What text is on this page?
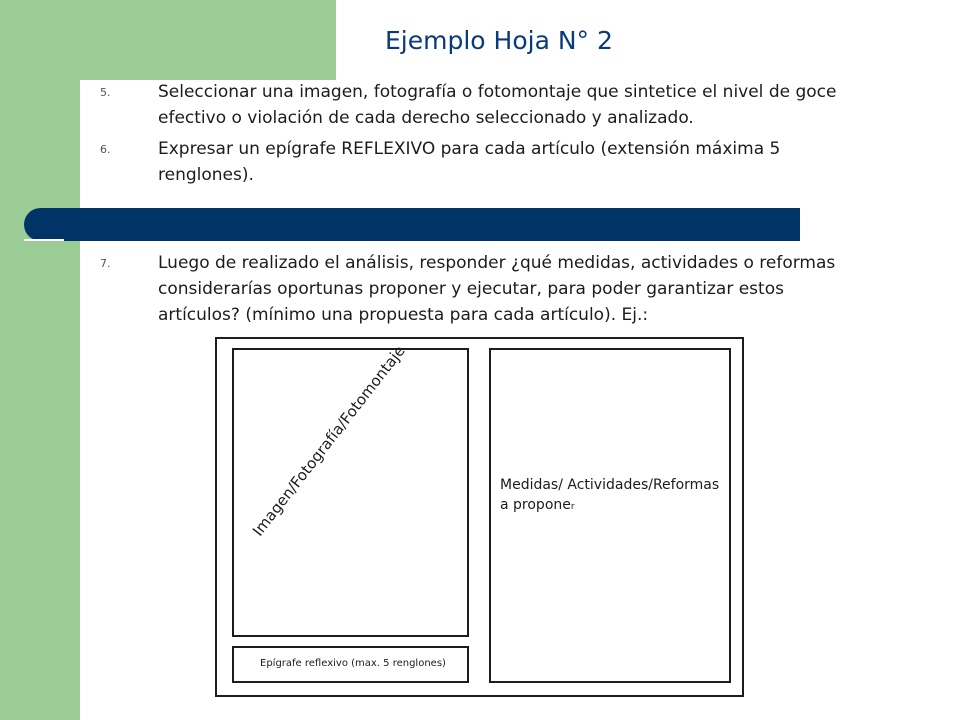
Ejemplo Hoja N° 2
5.	Seleccionar una imagen, fotografía o fotomontaje que sintetice el nivel de goce efectivo o violación de cada derecho seleccionado y analizado.
6.	Expresar un epígrafe REFLEXIVO para cada artículo (extensión máxima 5 renglones).
7.	Luego de realizado el análisis, responder ¿qué medidas, actividades o reformas considerarías oportunas proponer y ejecutar, para poder garantizar estos artículos? (mínimo una propuesta para cada artículo). Ej.:
Imagen/Fotografía/Fotomontaje
Epígrafe reflexivo (max. 5 renglones)
Medidas/ Actividades/Reformas a proponer
